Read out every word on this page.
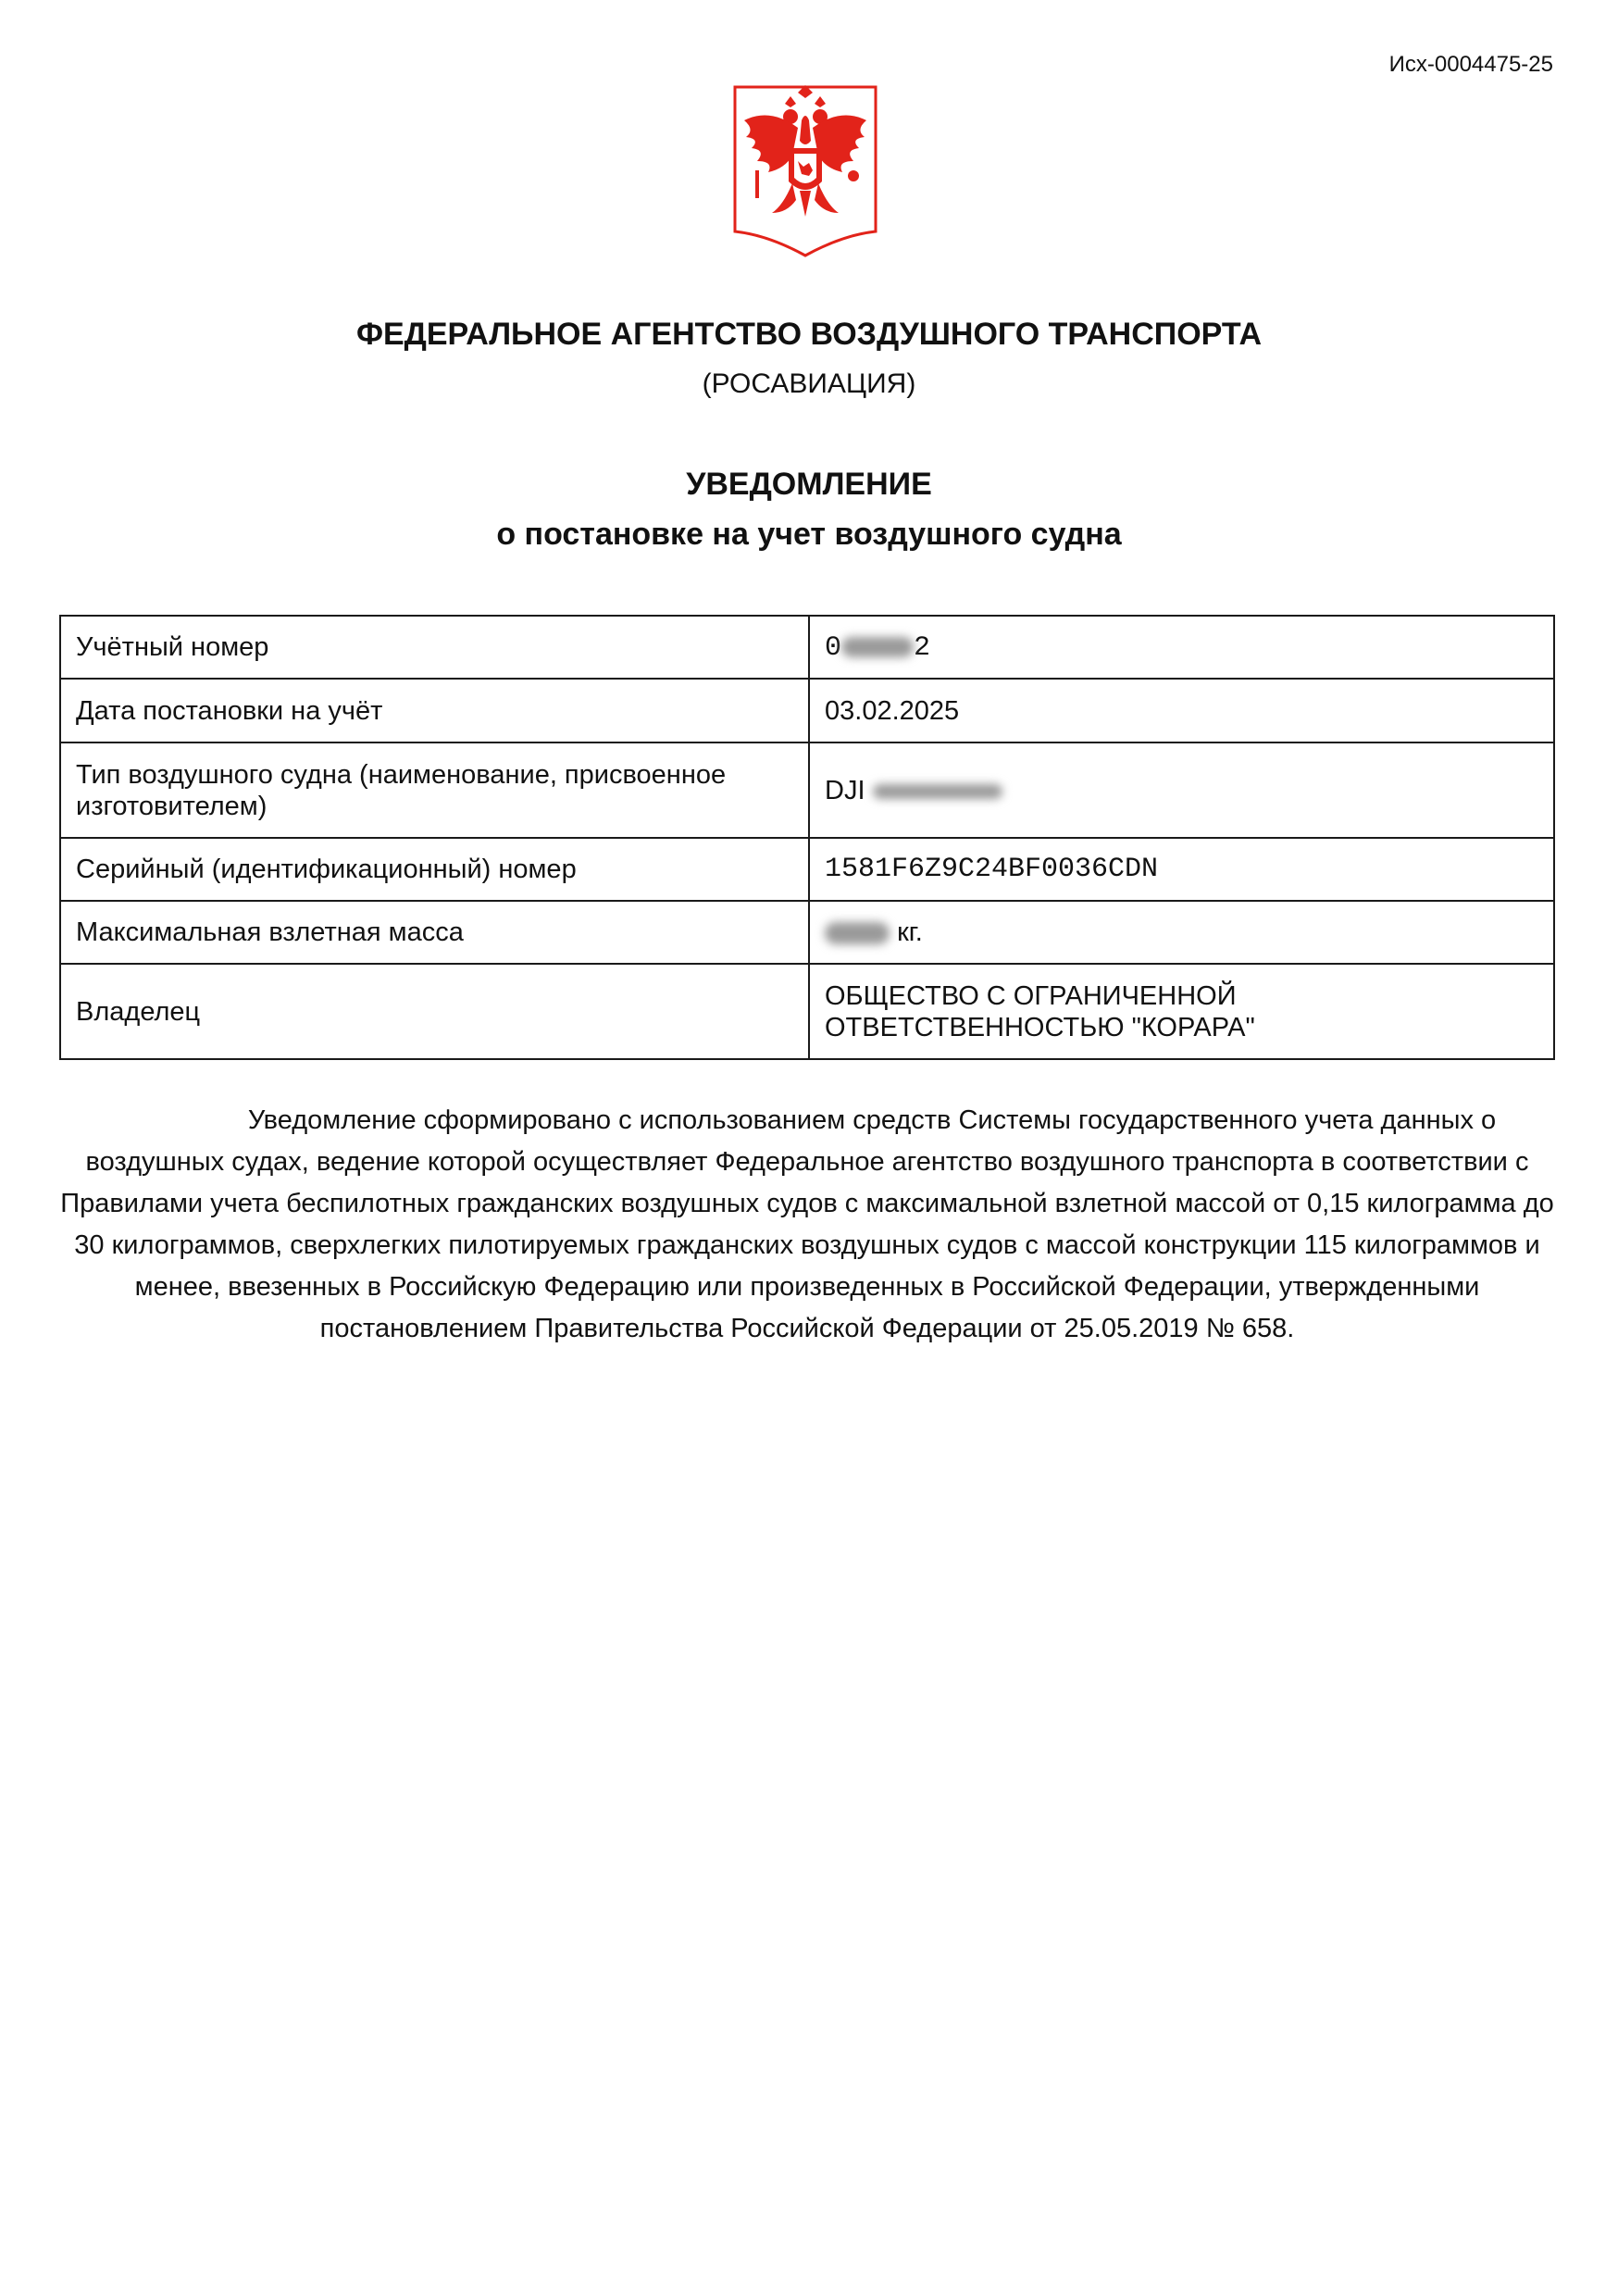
Исх-0004475-25
ФЕДЕРАЛЬНОЕ АГЕНТСТВО ВОЗДУШНОГО ТРАНСПОРТА
(РОСАВИАЦИЯ)
УВЕДОМЛЕНИЕ
о постановке на учет воздушного судна
Учётный номер	0 2
Дата постановки на учёт	03.02.2025
Тип воздушного судна (наименование, присвоенное изготовителем)	DJI
Серийный (идентификационный) номер	1581F6Z9C24BF0036CDN
Максимальная взлетная масса	кг.
Владелец	ОБЩЕСТВО С ОГРАНИЧЕННОЙ ОТВЕТСТВЕННОСТЬЮ "КОРАРА"
Уведомление сформировано с использованием средств Системы государственного учета данных о воздушных судах, ведение которой осуществляет Федеральное агентство воздушного транспорта в соответствии с Правилами учета беспилотных гражданских воздушных судов с максимальной взлетной массой от 0,15 килограмма до 30 килограммов, сверхлегких пилотируемых гражданских воздушных судов с массой конструкции 115 килограммов и менее, ввезенных в Российскую Федерацию или произведенных в Российской Федерации, утвержденными постановлением Правительства Российской Федерации от 25.05.2019 № 658.
